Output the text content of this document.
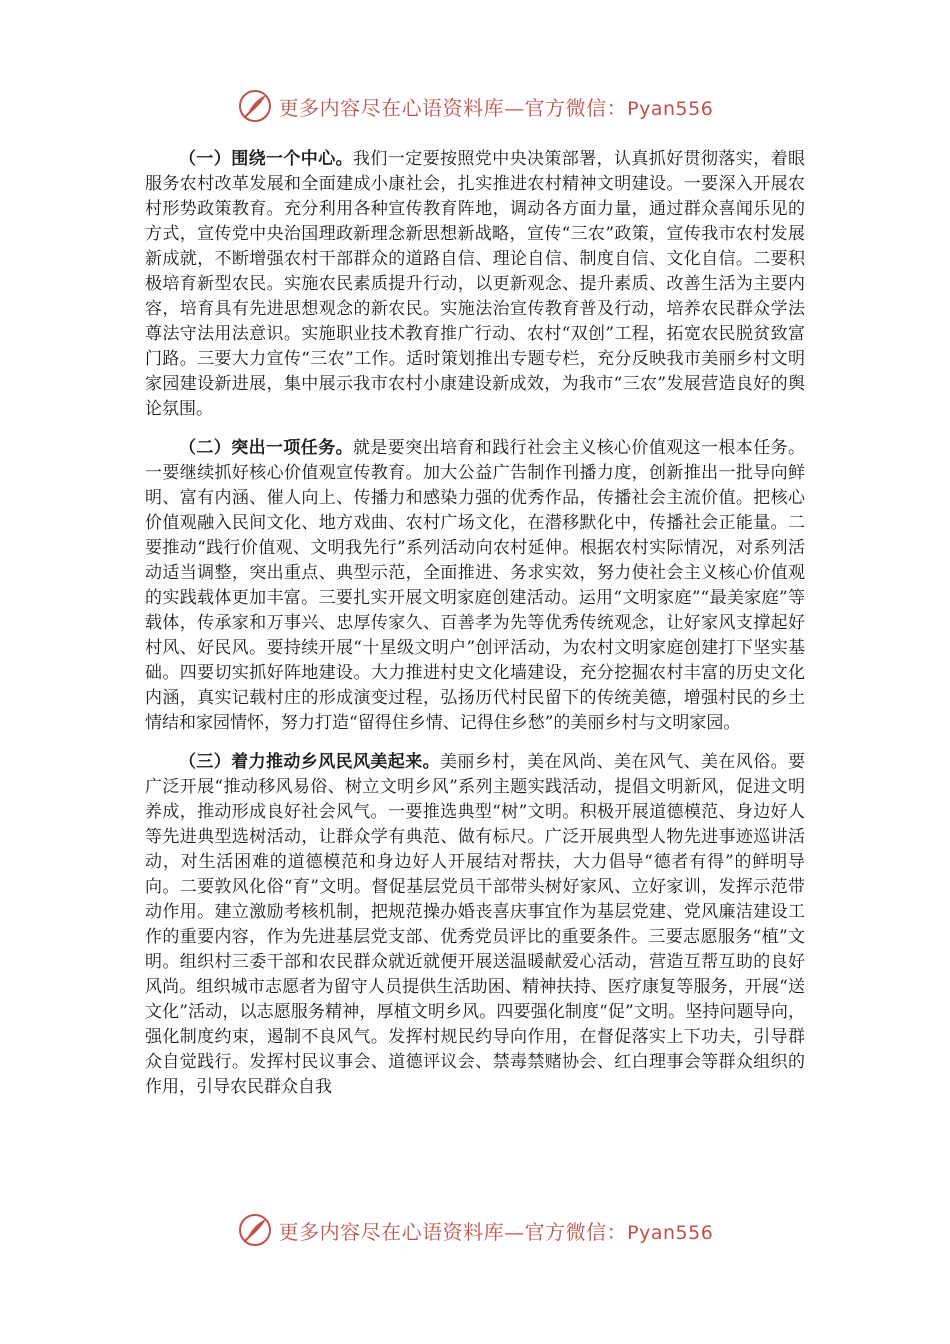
更多内容尽在心语资料库—官方微信：Pyan556

（一）围绕一个中心。我们一定要按照党中央决策部署，认真抓好贯彻落实，着眼服务农村改革发展和全面建成小康社会，扎实推进农村精神文明建设。一要深入开展农村形势政策教育。充分利用各种宣传教育阵地，调动各方面力量，通过群众喜闻乐见的方式，宣传党中央治国理政新理念新思想新战略，宣传“三农”政策，宣传我市农村发展新成就，不断增强农村干部群众的道路自信、理论自信、制度自信、文化自信。二要积极培育新型农民。实施农民素质提升行动，以更新观念、提升素质、改善生活为主要内容，培育具有先进思想观念的新农民。实施法治宣传教育普及行动，培养农民群众学法尊法守法用法意识。实施职业技术教育推广行动、农村“双创”工程，拓宽农民脱贫致富门路。三要大力宣传“三农”工作。适时策划推出专题专栏，充分反映我市美丽乡村文明家园建设新进展，集中展示我市农村小康建设新成效，为我市“三农”发展营造良好的舆论氛围。

（二）突出一项任务。就是要突出培育和践行社会主义核心价值观这一根本任务。一要继续抓好核心价值观宣传教育。加大公益广告制作刊播力度，创新推出一批导向鲜明、富有内涵、催人向上、传播力和感染力强的优秀作品，传播社会主流价值。把核心价值观融入民间文化、地方戏曲、农村广场文化，在潜移默化中，传播社会正能量。二要推动“践行价值观、文明我先行”系列活动向农村延伸。根据农村实际情况，对系列活动适当调整，突出重点、典型示范，全面推进、务求实效，努力使社会主义核心价值观的实践载体更加丰富。三要扎实开展文明家庭创建活动。运用“文明家庭”“最美家庭”等载体，传承家和万事兴、忠厚传家久、百善孝为先等优秀传统观念，让好家风支撑起好村风、好民风。要持续开展“十星级文明户”创评活动，为农村文明家庭创建打下坚实基础。四要切实抓好阵地建设。大力推进村史文化墙建设，充分挖掘农村丰富的历史文化内涵，真实记载村庄的形成演变过程，弘扬历代村民留下的传统美德，增强村民的乡土情结和家园情怀，努力打造“留得住乡情、记得住乡愁”的美丽乡村与文明家园。

（三）着力推动乡风民风美起来。美丽乡村，美在风尚、美在风气、美在风俗。要广泛开展“推动移风易俗、树立文明乡风”系列主题实践活动，提倡文明新风，促进文明养成，推动形成良好社会风气。一要推选典型“树”文明。积极开展道德模范、身边好人等先进典型选树活动，让群众学有典范、做有标尺。广泛开展典型人物先进事迹巡讲活动，对生活困难的道德模范和身边好人开展结对帮扶，大力倡导“德者有得”的鲜明导向。二要敦风化俗“育”文明。督促基层党员干部带头树好家风、立好家训，发挥示范带动作用。建立激励考核机制，把规范操办婚丧喜庆事宜作为基层党建、党风廉洁建设工作的重要内容，作为先进基层党支部、优秀党员评比的重要条件。三要志愿服务“植”文明。组织村三委干部和农民群众就近就便开展送温暖献爱心活动，营造互帮互助的良好风尚。组织城市志愿者为留守人员提供生活助困、精神扶持、医疗康复等服务，开展“送文化”活动，以志愿服务精神，厚植文明乡风。四要强化制度“促”文明。坚持问题导向，强化制度约束，遏制不良风气。发挥村规民约导向作用，在督促落实上下功夫，引导群众自觉践行。发挥村民议事会、道德评议会、禁毒禁赌协会、红白理事会等群众组织的作用，引导农民群众自我

更多内容尽在心语资料库—官方微信：Pyan556
